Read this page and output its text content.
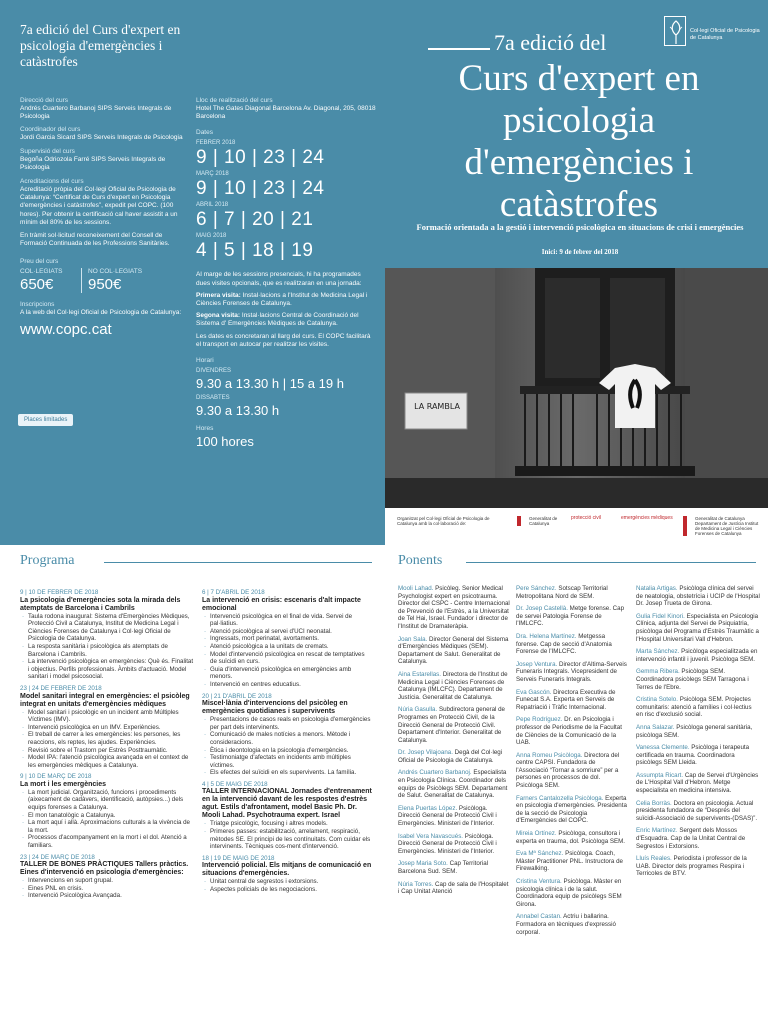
7a edició del Curs d'expert en psicologia d'emergències i catàstrofes
Direcció del curs
Andrés Cuartero Barbanoj SIPS Serveis Integrals de Psicologia
Coordinador del curs
Jordi Garcia Sicard SIPS Serveis Integrals de Psicologia
Supervisió del curs
Begoña Odriozola Farré SIPS Serveis Integrals de Psicologia
Acreditacions del curs
Acreditació pròpia del Col·legi Oficial de Psicologia de Catalunya: “Certificat de Curs d'expert en Psicologia d'emergències i catàstrofes”, expedit pel COPC. (100 hores). Per obtenir la certificació cal haver assistit a un mínim del 80% de les sessions.
En tràmit sol·licitud reconeixement del Consell de Formació Continuada de les Professions Sanitàries.
Preu del curs
COL·LEGIATS
650€
NO COL·LEGIATS
950€
Inscripcions
A la web del Col·legi Oficial de Psicologia de Catalunya:
www.copc.cat
Places limitades
Lloc de realització del curs
Hotel The Gates Diagonal Barcelona Av. Diagonal, 205, 08018 Barcelona
Dates
FEBRER 2018
9 | 10 | 23 | 24
MARÇ 2018
9 | 10 | 23 | 24
ABRIL 2018
6 | 7 | 20 | 21
MAIG 2018
4 | 5 | 18 | 19
Al marge de les sessions presencials, hi ha programades dues visites opcionals, que es realitzaran en una jornada:
Primera visita: Instal·lacions a l'Institut de Medicina Legal i Ciències Forenses de Catalunya.
Segona visita: Instal·lacions Central de Coordinació del Sistema d' Emergències Mèdiques de Catalunya.
Les dates es concretaran al llarg del curs. El COPC facilitarà el transport en autocar per realitzar les visites.
Horari
DIVENDRES
9.30 a 13.30 h | 15 a 19 h
DISSABTES
9.30 a 13.30 h
Hores
100 hores
Col·legi Oficial de Psicologia de Catalunya
7a edició del
Curs d'expert en psicologia d'emergències i catàstrofes
Formació orientada a la gestió i intervenció psicològica en situacions de crisi i emergències
Inici: 9 de febrer del 2018
LA RAMBLA
Organitzat pel Col·legi Oficial de Psicologia de Catalunya amb la col·laboració de:
Generalitat de Catalunya
protecció civil	emergències mèdiques	Generalitat de Catalunya Departament de Justícia Institut de Medicina Legal i Ciències Forenses de Catalunya
Programa
9 | 10 DE FEBRER DE 2018
La psicologia d'emergències sota la mirada dels atemptats de Barcelona i Cambrils
· Taula rodona inaugural: Sistema d'Emergències Mèdiques, Protecció Civil a Catalunya, Institut de Medicina Legal i Ciències Forenses de Catalunya i Col·legi Oficial de Psicologia de Catalunya.
· La resposta sanitària i psicològica als atemptats de Barcelona i Cambrils.
· La intervenció psicològica en emergències: Què és. Finalitat i objectius. Perfils professionals. Àmbits d'actuació. Model sanitari i model psicosocial.
23 | 24 DE FEBRER DE 2018
Model sanitari integral en emergències: el psicòleg integrat en unitats d'emergències mèdiques
· Model sanitari i psicològic en un incident amb Múltiples Víctimes (IMV).
· Intervenció psicològica en un IMV. Experiències.
· El treball de carrer a les emergències: les persones, les reaccions, els reptes, les ajudes. Experiències.
· Revisió sobre el Trastorn per Estrès Posttraumàtic.
· Model IPA: l'atenció psicològica avançada en el context de les emergències mèdiques a Catalunya.
9 | 10 DE MARÇ DE 2018
La mort i les emergències
· La mort judicial. Organització, funcions i procediments (aixecament de cadàvers, identificació, autòpsies...) dels equips forenses a Catalunya.
· El mon tanatològic a Catalunya.
· La mort aquí i allà. Aproximacions culturals a la vivència de la mort.
· Processos d'acompanyament en la mort i el dol. Atenció a familiars.
23 | 24 DE MARÇ DE 2018
TALLER DE BONES PRÀCTIQUES Tallers pràctics. Eines d'intervenció en psicologia d'emergències:
· Intervencions en suport grupal.
· Eines PNL en crisis.
· Intervenció Psicològica Avançada.
6 | 7 D'ABRIL DE 2018
La intervenció en crisis: escenaris d'alt impacte emocional
· Intervenció psicològica en el final de vida. Servei de pal·liatius.
· Atenció psicològica al servei d'UCI neonatal.
· Ingressats, mort perinatal, avortaments.
· Atenció psicològica a la unitats de cremats.
· Model d'intervenció psicològica en rescat de temptatives de suïcidi en curs.
· Guia d'intervenció psicològica en emergències amb menors.
· Intervenció en centres educatius.
20 | 21 D'ABRIL DE 2018
Miscel·lània d'intervencions del psicòleg en emergències quotidianes i supervivents
· Presentacions de casos reals en psicologia d'emergències per part dels intervinents.
· Comunicació de males notícies a menors. Mètode i consideracions.
· Ètica i deontologia en la psicologia d'emergències.
· Testimoniatge d'afectats en incidents amb múltiples víctimes.
· Els efectes del suïcidi en els supervivents. La família.
4 | 5 DE MAIG DE 2018
TALLER INTERNACIONAL Jornades d'entrenament en la intervenció davant de les respostes d'estrès agut. Estils d'afrontament, model Basic Ph. Dr. Mooli Lahad. Psychotrauma expert. Israel
· Triatge psicològic, focusing i altres models.
· Primeres passes: estabilització, arrelament, respiració, mètodes SE. El principi de les contínuitats. Com cuidar els intervinents. Tècniques cos-ment d'intervenció.
18 | 19 DE MAIG DE 2018
Intervenció policial. Els mitjans de comunicació en situacions d'emergències.
· Unitat central de segrestos i extorsions.
· Aspectes policials de les negociacions.
Ponents
Mooli Lahad. Psicòleg. Senior Medical Psychologist expert en psicotrauma. Director del CSPC - Centre Internacional de Prevenció de l'Estrès, a la Universitat de Tel Hai, Israel. Fundador i director de l'Institut de Dramateràpia.
Joan Sala. Director General del Sistema d'Emergències Mèdiques (SEM). Departament de Salut. Generalitat de Catalunya.
Aina Estarellas. Directora de l'Institut de Medicina Legal i Ciències Forenses de Catalunya (IMLCFC). Departament de Justícia. Generalitat de Catalunya.
Núria Gasulla. Subdirectora general de Programes en Protecció Civil, de la Direcció General de Protecció Civil. Departament d'Interior. Generalitat de Catalunya.
Dr. Josep Vilajoana. Degà del Col·legi Oficial de Psicologia de Catalunya.
Andrés Cuartero Barbanoj. Especialista en Psicologia Clínica. Coordinador dels equips de Psicòlegs SEM. Departament de Salut. Generalitat de Catalunya.
Elena Puertas López. Psicòloga. Direcció General de Protecció Civil i Emergències. Ministeri de l'Interior.
Isabel Vera Navascués. Psicòloga. Direcció General de Protecció Civil i Emergències. Ministeri de l'Interior.
Josep Maria Soto. Cap Territorial Barcelona Sud. SEM.
Núria Torres. Cap de sala de l'Hospitalet i Cap Unitat Atenció
Pere Sánchez. Sotscap Territorial Metropolitana Nord de SEM.
Dr. Josep Castellà. Metge forense. Cap de servei Patologia Forense de l'IMLCFC.
Dra. Helena Martínez. Metgessa forense. Cap de secció d'Anatomia Forense de l'IMLCFC.
Josep Ventura. Director d'Altima-Serveis Funeraris Integrals. Vicepresident de Serveis Funeraris Integrals.
Eva Gascón. Directora Executiva de Funecat S.A. Experta en Serveis de Repatriació i Tràfic Internacional.
Pepe Rodríguez. Dr. en Psicologia i professor de Periodisme de la Facultat de Ciències de la Comunicació de la UAB.
Anna Romeu Psicòloga. Directora del centre CAPSI. Fundadora de l'Associació “Tornar a somriure” per a persones en processos de dol. Psicòloga SEM.
Farners Cantalozella Psicòloga. Experta en psicologia d'emergències. Presidenta de la secció de Psicologia d'Emergències del COPC.
Mireia Ortínez. Psicòloga, consultora i experta en trauma, dol. Psicòloga SEM.
Eva Mª Sánchez. Psicòloga. Coach, Màster Practitioner PNL. Instructora de Firewalking.
Cristina Ventura. Psicòloga. Màster en psicologia clínica i de la salut. Coordinadora equip de psicòlegs SEM Girona.
Annabel Castan. Actriu i ballarina. Formadora en tècniques d'expressió corporal.
Natalia Artigas. Psicòloga clínica del servei de neatologia, obstetrícia i UCIP de l'Hospital Dr. Josep Trueta de Girona.
Gulia Fidel Kinori. Especialista en Psicologia Clínica, adjunta del Servei de Psiquiatria, psicòloga del Programa d'Estrès Traumàtic a l'Hospital Universitari Vall d'Hebron.
Marta Sánchez. Psicòloga especialitzada en intervenció infantil i juvenil. Psicòloga SEM.
Gemma Ribera. Psicòloga SEM. Coordinadora psicòlegs SEM Tarragona i Terres de l'Ebre.
Cristina Sotelo. Psicòloga SEM. Projectes comunitaris: atenció a famílies i col·lectius en risc d'exclusió social.
Anna Salazar. Psicòloga general sanitària, psicòloga SEM.
Vanessa Clemente. Psicòloga i terapeuta certificada en trauma. Coordinadora psicòlegs SEM Lleida.
Assumpta Ricart. Cap de Servei d'Urgències de L'Hospital Vall d'Hebron. Metge especialista en medicina intensiva.
Celia Borràs. Doctora en psicologia. Actual presidenta fundadora de “Després del suïcidi-Associació de supervivents-(DSAS)”.
Enric Martínez. Sergent dels Mossos d'Esquadra. Cap de la Unitat Central de Segrestos i Extorsions.
Lluís Reales. Periodista i professor de la UAB. Director dels programes Respira i Terricoles de BTV.
